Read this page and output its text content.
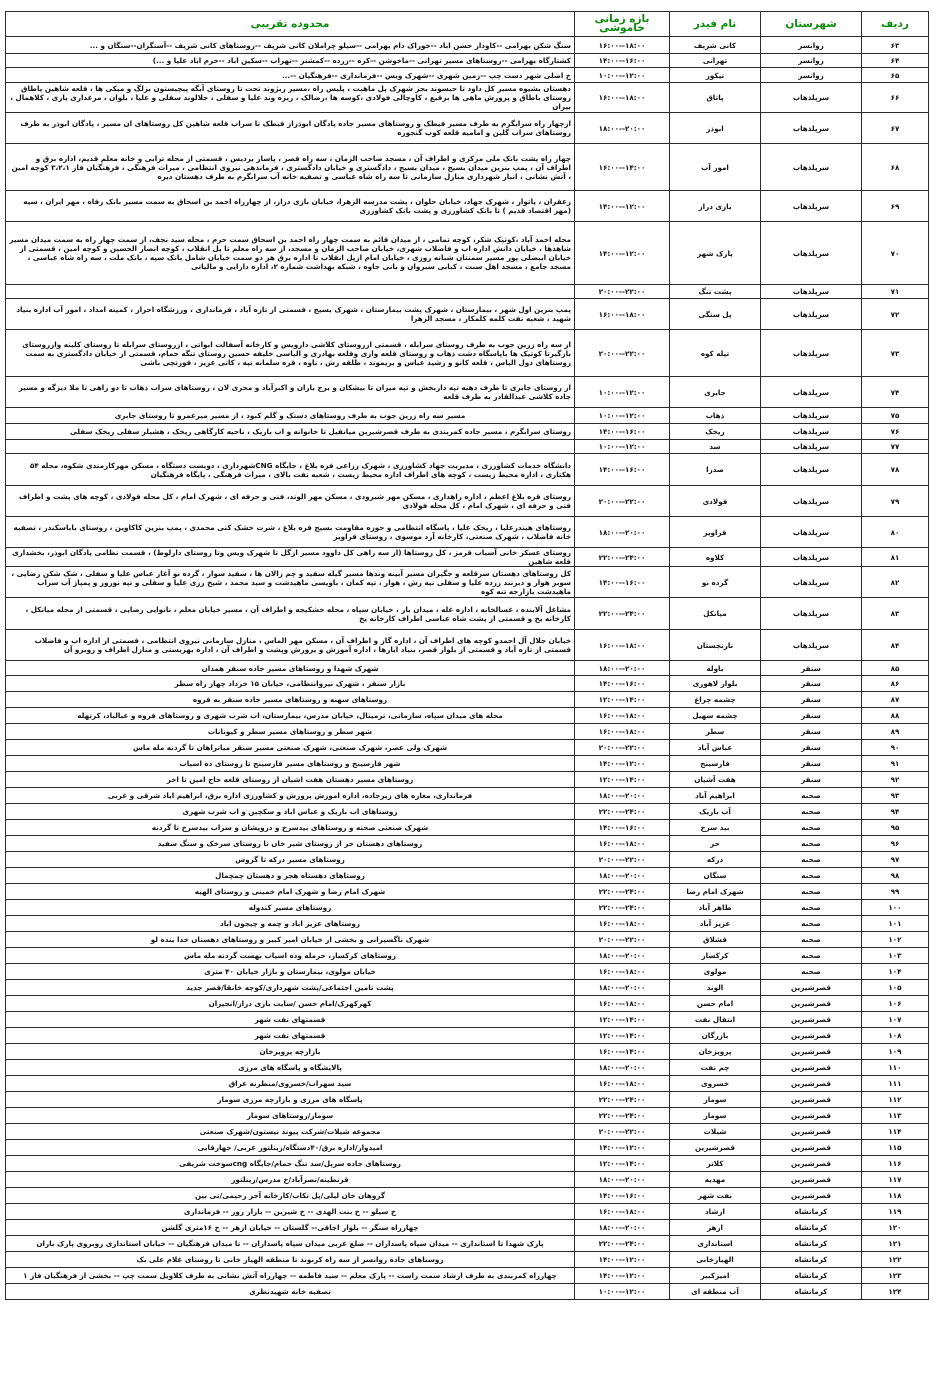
ردیف	شهرستان	نام فیدر	بازه زمانی خاموشی	محدوده تقریبی
۶۳	روانسر	کانی شریف	۱۶:۰۰--۱۸:۰۰	سنگ شکن بهرامی --کاودار حسن اباد --خوراک دام بهرامی --سیلو چراملان کانی شریف --روستاهای کانی شریف --آسنگران--سنگان و ...
۶۴	روانسر	تهرانی	۱۴:۰۰--۱۶:۰۰	کشتارگاه بهرامی --روستاهای مسیر تهرانی --ماخوشن --کره --زرده --کمشتر --تهراب --سکین اباد --خرم اباد علیا و ...)
۶۵	روانسر	تیکور	۱۰:۰۰--۱۲:۰۰	خ اصلی شهر دست چپ --زمین شهری --شهرک ویس --فرمانداری --فرهنگیان --...
۶۶	سرپلذهاب	پاتاق	۱۶:۰۰--۱۸:۰۰	دهستان بشیوه مسیر کل داود تا حیسوند بجز شهرک پل ماهیت ، پلیس راه ،مسیر ریژوند تحت تا روستای آبگه پیچیستون بزلگ و میکی ها ، قلعه شاهین پاطاق روستای باطاق و پرورش ماهی ها برقیع ، کاوچالی فولادی ،کوسه ها ،رضالک ، ریزه وند علیا و سفلی ، جلالوند سفلی و علیا ، بلوان ، مرغداری یاری ، کلاهمال ، بیران
۶۷	سرپلذهاب	ابوذر	۱۸:۰۰--۲۰:۰۰	ازچهار راه سرابگرم به طرف مسیر قیطک و روستاهای مسیر جاده پادگان ابوذراز قیطک تا سراب قلعه شاهین کل روستاهای ان مسیر ، پادگان ابوذر به طرف روستاهای سراب گلین و امامیه قلعه کوب گنجوره
۶۸	سرپلذهاب	امور آب	۱۶:۰۰--۱۴:۰۰	چهار راه پشت بانک ملی مرکزی و اطراف آن ، مسجد صاحب الزمان ، سه راه قصر ، پاسار بردیس ، قسمتی از محله ترابی و خانه معلم قدیم، اداره برق و اطراف آن ، پمپ بنزین میدان بسیج ، میدان بسیج ، دادگستری و خیابان دادگستری ، فرماندهی نیروی انتظامی ، میراث فرهنگی ، فرهنگیان فاز ۳،۲،۱ کوچه امین ، آتش نشانی ، انبار شهرداری منازل سازمانی تا سه راه شاه عباسی و تصفیه خانه آب سرابگرم به طرف دهستان دیره
۶۹	سرپلذهاب	بازی دراز	۱۴:۰۰--۱۲:۰۰	زعفران ، پاتوار ، شهرک جهاد، خیابان حلوان ، پشت مدرسه الزهرا، خیابان بازی دراز، از چهارراه احمد بن اسحاق به سمت مسیر بانک رفاه ، مهر ایران ، سپه (مهر اقتصاد قدیم ) تا بانک کشاورزی و پشت بانک کشاورزی
۷۰	سرپلذهاب	پارک شهر	۱۴:۰۰--۱۲:۰۰	محله احمد آباد ،کوتیک شکر، کوچه تمامی ، از میدان قائم به سمت چهار راه احمد بن اسحاق سمت حرم ، محله سید نجف، از سمت چهار راه به سمت میدان مسیر شاهدها ، خیابان دانش اداره اب و فاضلاب شهری، خیابان صاحب الزمان و مسجد، از سه راه معلم تا پل انقلاب ، کوچه انصار الحسین و کوچه امین ، قسمتی از خیابان ابیضلی پور مسیر سمنتان شبانه روزی ، خیابان امام ازپل انقلاب تا اداره برق هر دو سمت خیابان شامل بانک سپه ، بانک ملت ، سه راه شاه عباسی ، مسجد جامع ، مسجد اهل سنت ، کبابی سیروان و بانی جاوه ، شبکه بهداشت شماره ۲، اداره دارایی و مالیاتی
۷۱	سرپلذهاب	پشت تنگ	۲۰:۰۰--۲۲:۰۰	
۷۲	سرپلذهاب	پل سنگی	۱۶:۰۰--۱۸:۰۰	پمپ بنزین اول شهر ، بیمارستان ، شهرک پشت بیمارستان ، شهرک بسیج ، قسمتی از تازه آباد ، فرمانداری ، ورزشگاه احرار ، کمیته امداد ، امور آب اداره بنیاد شهید ، شعبه نفت کلمه کلمکار ، مسجد الزهرا
۷۳	سرپلذهاب	تپله کوه	۲۰:۰۰--۲۲:۰۰	از سه راه زرین جوب به طرف روستای سرابله ، قسمتی ازروستای کلاشی دارویس و کارخانه آسفالت ابواتی ، ازروستای سرابله تا روستای کلینه وازروستای بازگیرتا کوتیک ها باپاسگاه دشت ذهاب و روستای قلعه وازی وقلعه بهادری و الیاسی خلیفه حسین روستای تنگه حمام، قسمتی از خیابان دادگستری به سمت روستاهای دول الیاس ، قلعه کانو و رشید عباس و بریموند ، طلقه رش ، ناوه ، قره سلمانه تپه ، کانی عزیز ، قورتچی باشی
۷۴	سرپلذهاب	جابری	۱۰:۰۰--۱۲:۰۰	از روستای جابری تا طرف دهنه تپه داربخش و تپه میران تا بیشکان و برج باران و اکبرآباد و محری لان ، روستاهای سراب ذهاب تا دو راهی تا ملا دیزگه و مسیر جاده کلاشی عبدالقادر به طرف قلعه
۷۵	سرپلذهاب	ذهاب	۱۰:۰۰--۱۲:۰۰	مسیر سه راه زرین جوب به طرف روستاهای دستک و گلم کبود ، از مسیر میرعمرو تا روستای جابری
۷۶	سرپلذهاب	ریخک	۱۴:۰۰--۱۶:۰۰	روستای سرابگرم ، مسیر جاده کمربندی به طرف قصرشیرین میانقیل تا خانوانه و اب باریک ، ناحیه کارگاهی ریخک ، هشیلر سفلی ریخک سفلی
۷۷	سرپلذهاب	سد	۱۰:۰۰--۱۲:۰۰	
۷۸	سرپلذهاب	صدرا	۱۴:۰۰--۱۶:۰۰	دانشگاه خدمات کشاورزی ، مدیریت جهاد کشاورزی ، شهرک رزاعی فره بلاغ ، جایگاه CNGشهرداری ، دویست دستگاه ، مسکن مهرکارمندی شکوه، محله ۵۴ هکتاری ، اداره محیط زیست ، کوچه های اطراف اداره محیط زیست ، شعبه نفت بالای ، میراث فرهنگی ، پایگاه فرهنگیان
۷۹	سرپلذهاب	فولادی	۲۰:۰۰--۲۲:۰۰	روستای قره بلاغ اعظم ، اداره راهداری ، مسکن مهر شیرودی ، مسکن مهر الوند، فنی و حرفه ای ، شهرک امام ، کل محله فولادی ، کوچه های پشت و اطراف فنی و حرفه ای ، شهرک امام ، کل محله فولادی
۸۰	سرپلذهاب	قراویز	۱۸:۰۰--۲۰:۰۰	روستاهای هیندرعلیا ، ریخک علیا ، پاسگاه انتظامی و حوزه مقاومت بسیج قره بلاغ ، شرت خشک کنی محمدی ، پمپ بنزین کاکاوین ، روستای باباسکندر ، تصفیه خانه فاضلاب ، شهرک صنعتی، کارخانه آرد موسوی ، روستای قراویز
۸۱	سرپلذهاب	کلاوه	۲۲:۰۰--۲۴:۰۰	روستای عسکر خانی آسیاب قرمز ، کل روستاها (از سه راهی کل داوود مسیر ازگل تا شهرک ویس وتا روستای دارلوط) ، قسمت نظامی پادگان ابوذر، بخشداری قلعه شاهین
۸۲	سرپلذهاب	گرده نو	۱۴:۰۰--۱۶:۰۰	کل روستاهای دهستان سرقلعه و جگیران مسیر آبینه وندها مسیر گیله سفید و چم زالان ها ، سفید سوار ، گرده نو آغاز عباس علیا و سفلی ، شک شکن رضایی ، سوبر هوار و دبرنند زرده علیا و سفلی نیه رش ، هوار ، تپه کمان ، باویسی ماهیدشت و سید محمد ، شیخ رزی علیا و سفلی و تپه نوروز و پمپاژ آب سراب ماهیدشت بازارجه تنه کوه
۸۳	سرپلذهاب	میانکل	۲۲:۰۰--۲۴:۰۰	مشاغل آلاینده ، غسالخانه ، اداره غله ، میدان بار ، خیابان سپاه ، محله خشکیجه و اطراف آن ، مسیر خیابان معلم ، نانوایی رضایی ، قسمتی از محله میانکل ، کارخانه یخ و قسمتی از پشت شاه عباسی اطراف کارخانه یخ
۸۴	سرپلذهاب	نارنجستان	۱۶:۰۰--۱۸:۰۰	خیابان جلال آل احمدو کوچه های اطراف آن ، اداره گاز و اطراف آن ، مسکن مهر الماس ، منازل سازمانی نیروی انتظامی ، قسمتی از اداره اب و فاضلاب قسمتی از تازه آباد و قسمتی از بلوار قصر، بنیاد ابارها ، اداره آموزش و پرورش وپشت و اطراف آن ، اداره بهزیستی و منازل اطراف و روبرو آن
۸۵	سنقر	باوله	۱۸:۰۰--۲۰:۰۰	شهرک شهدا و روستاهای مسیر جاده سنقر همدان
۸۶	سنقر	بلوار لاهوری	۱۴:۰۰--۱۶:۰۰	بازار سنقر ، شهرک نیروانتظامی، خیابان ۱۵ خرداد چهار راه سطر
۸۷	سنقر	چشمه چراغ	۱۲:۰۰--۱۴:۰۰	روستاهای سهنه و روستاهای مسیر جاده سنقر به قروه
۸۸	سنقر	چشمه سهیل	۱۶:۰۰--۱۸:۰۰	محله های میدان سپاه، سازمانی، ترمینال، خیابان مدرس، بیمارستان، اب شرب شهری و روستاهای فروه و عبالباد، کرتهله
۸۹	سنقر	سطر	۱۶:۰۰--۱۸:۰۰	شهر سطر و روستاهای مسیر سطر و کیونانات
۹۰	سنقر	عباس آباد	۲۰:۰۰--۲۲:۰۰	شهرک ولی عصر، شهرک صنعتی، شهرک صنعتی مسیر سنقر میانراهان تا گردنه مله ماس
۹۱	سنقر	فارسینج	۱۴:۰۰--۱۲:۰۰	شهر فارسینج و روستاهای مسیر فارسینج تا روستای ده اسیاب
۹۲	سنقر	هفت آشیان	۱۲:۰۰--۱۴:۰۰	روستاهای مسیر دهستان هفت اشیان از روستای قلعه حاج امین تا اخر
۹۳	صحنه	ابراهیم آباد	۱۸:۰۰--۲۰:۰۰	فرمانداری، مغازه های زیرجاده، اداره اموزش پرورش و کشاورزی اداره برق، ابراهیم اباد شرقی و غربی
۹۴	صحنه	آب باریک	۲۲:۰۰--۲۴:۰۰	روستاهای اب باریک و عباس اباد و سکچین و اب شرب شهری
۹۵	صحنه	بید سرخ	۱۴:۰۰--۱۶:۰۰	شهرک صنعتی صحنه و روستاهای بیدسرخ و درویشان و سراب بیدسرخ تا گردنه
۹۶	صحنه	حر	۱۶:۰۰--۱۸:۰۰	روستاهای دهستان حر از روستای شیر خان تا روستای سرخک و سنگ سفید
۹۷	صحنه	درکه	۲۰:۰۰--۲۲:۰۰	روستاهای مسیر درکه تا گروس
۹۸	صحنه	سنگان	۱۸:۰۰--۲۰:۰۰	روستاهای دهستاه هجر و دهستان چمچمال
۹۹	صحنه	شهرک امام رضا	۲۲:۰۰--۲۴:۰۰	شهرک امام رضا و شهرک امام خمینی و روستای الهیه
۱۰۰	صحنه	طاهر آباد	۲۲:۰۰--۲۴:۰۰	روستاهای مسیر کندوله
۱۰۱	صحنه	عزیز آباد	۱۶:۰۰--۱۸:۰۰	روستاهای عزیز اباد و چمه و چیجون اباد
۱۰۲	صحنه	قشلاق	۲۰:۰۰--۲۲:۰۰	شهرک ناگسیرانی و بخشی از خیابان امیر کبیر و روستاهای دهستان خدا بنده لو
۱۰۳	صحنه	کرکسار	۱۸:۰۰--۲۰:۰۰	روستاهای کرکسار، حرمله وده اسیاب بهست گردنه مله ماس
۱۰۴	صحنه	مولوی	۱۶:۰۰--۱۸:۰۰	خیابان مولوی، بیمارستان و بازار خیابان ۴۰ متری
۱۰۵	قصرشیرین	الوند	۱۸:۰۰--۲۰:۰۰	پشت تامین اجتماعی/پشت شهرداری/کوچه خانقا/قصر جدید
۱۰۶	قصرشیرین	امام حسن	۱۶:۰۰--۱۸:۰۰	کهرکهرک/امام حسن /سایت بازی دراز/انجیران
۱۰۷	قصرشیرین	انتقال نفت	۱۲:۰۰--۱۴:۰۰	قسمتهای نفت شهر
۱۰۸	قصرشیرین	بازرگان	۱۲:۰۰--۱۴:۰۰	قسمتهای نفت شهر
۱۰۹	قصرشیرین	پرویزخان	۱۶:۰۰--۱۴:۰۰	بازارچه پرویزخان
۱۱۰	قصرشیرین	چم نفت	۱۸:۰۰--۲۰:۰۰	پالایشگاه و پاسگاه های مرزی
۱۱۱	قصرشیرین	خسروی	۱۶:۰۰--۱۸:۰۰	سید سهراب/خسروی/منطرنه عراق
۱۱۲	قصرشیرین	سومار	۲۲:۰۰--۲۴:۰۰	پاسگاه های مرزی و بازارچه مرزی سومار
۱۱۳	قصرشیرین	سومار	۲۲:۰۰--۲۴:۰۰	سومار/روستاهای سومار
۱۱۴	قصرشیرین	شیلات	۲۰:۰۰--۲۲:۰۰	مجموعه شیلات/شرکت پیوند نیستون/شهرک صنعتی
۱۱۵	قصرشیرین	قصرشیرین	۱۴:۰۰--۱۲:۰۰	امیدوار/اداره برق/۴۰دستگاه/زینلتور غربی/ جهارقابی
۱۱۶	قصرشیرین	کلاتر	۱۲:۰۰--۱۴:۰۰	روستاهای جاده سرپل/سد تنگ حمام/جایگاه cngسوخت شریفی
۱۱۷	قصرشیرین	مهدیه	۱۸:۰۰--۲۰:۰۰	قرنطینه/نصرآباد/خ مدرس/زینلتور
۱۱۸	قصرشیرین	نفت شهر	۱۴:۰۰--۱۶:۰۰	گروهان خان لیلی/پل تکاب/کارخانه آجر رحیمی/نی بین
۱۱۹	کرمانشاه	ارشاد	۱۶:۰۰--۱۸:۰۰	خ سیلو -- خ بنت الهدی -- خ شیرین -- بازار روز -- فرمانداری
۱۲۰	کرمانشاه	ازهر	۱۸:۰۰--۲۰:۰۰	چهارراه سنگر -- بلوار اجاقی-- گلستان -- خیابان ازهر -- خ ۱۶متری گلشن
۱۲۱	کرمانشاه	استانداری	۲۲:۰۰--۲۴:۰۰	پارک شهدا تا استانداری -- میدان سپاه پاسداران -- ضلع غربی میدان سپاه پاسداران -- تا میدان فرهنگیان -- خیابان استانداری روبروی پارک باران
۱۲۲	کرمانشاه	الهیارخانی	۱۴:۰۰--۱۲:۰۰	روستاهای جاده روانسر از سه راه کرنوند تا منطقه الهیار خانی تا روستای غلام علی بک
۱۲۳	کرمانشاه	امیرکبیر	۱۴:۰۰--۱۲:۰۰	چهارراه کمربندی به طرف ارشاد سمت راست -- پارک معلم -- سید فاطمه -- چهارراه آتش نشانی به طرف کلاویل سمت چپ -- بخشی از فرهنگیان فاز ۱
۱۲۴	کرمانشاه	آب منطقه ای	۱۰:۰۰--۱۲:۰۰	تصفیه خانه شهیدنظری
